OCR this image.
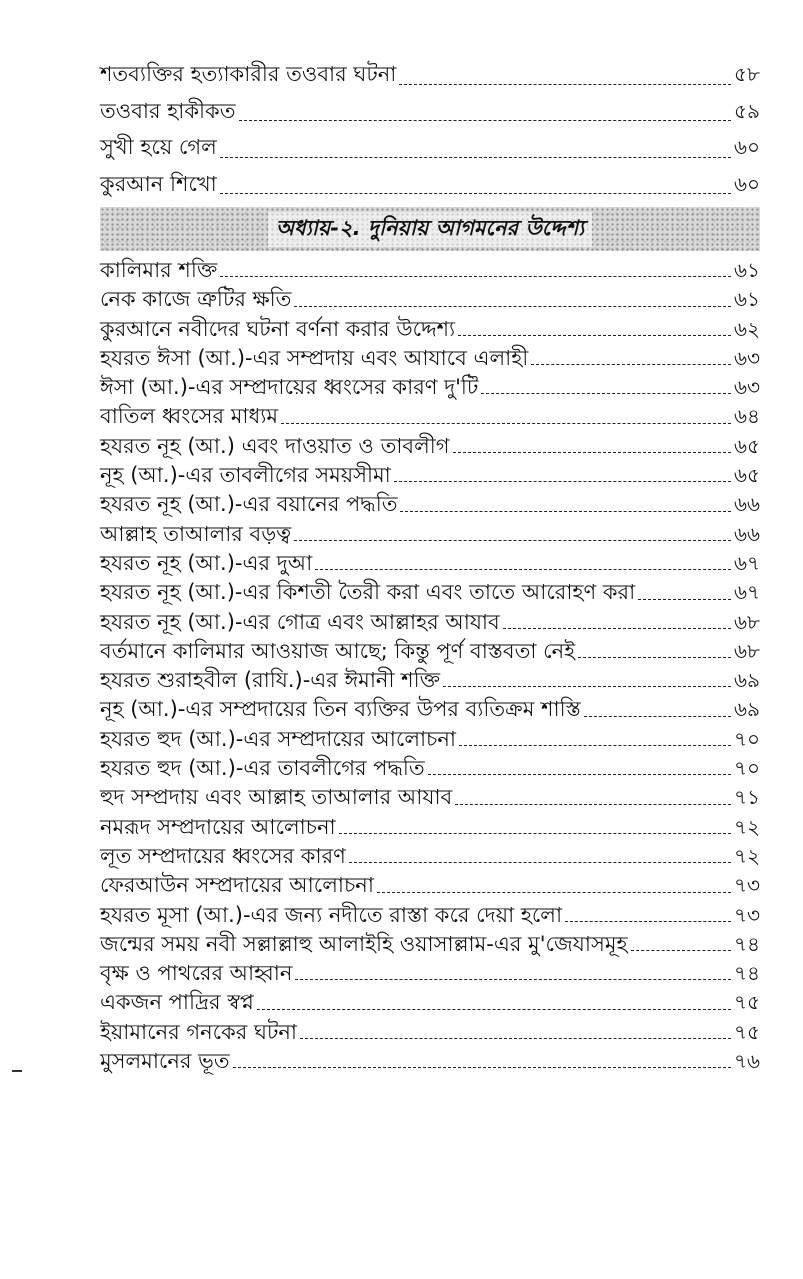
শতব্যক্তির হত্যাকারীর তওবার ঘটনা	৫৮
তওবার হাকীকত	৫৯
সুখী হয়ে গেল	৬০
কুরআন শিখো	৬০
অধ্যায়-২. দুনিয়ায় আগমনের উদ্দেশ্য
কালিমার শক্তি	৬১
নেক কাজে ত্রুটির ক্ষতি	৬১
কুরআনে নবীদের ঘটনা বর্ণনা করার উদ্দেশ্য	৬২
হযরত ঈসা (আ.)-এর সম্প্রদায় এবং আযাবে এলাহী	৬৩
ঈসা (আ.)-এর সম্প্রদায়ের ধ্বংসের কারণ দু'টি	৬৩
বাতিল ধ্বংসের মাধ্যম	৬৪
হযরত নূহ (আ.) এবং দাওয়াত ও তাবলীগ	৬৫
নূহ (আ.)-এর তাবলীগের সময়সীমা	৬৫
হযরত নূহ (আ.)-এর বয়ানের পদ্ধতি	৬৬
আল্লাহ তাআলার বড়ত্ব	৬৬
হযরত নূহ (আ.)-এর দুআ	৬৭
হযরত নূহ (আ.)-এর কিশতী তৈরী করা এবং তাতে আরোহণ করা	৬৭
হযরত নূহ (আ.)-এর গোত্র এবং আল্লাহর আযাব	৬৮
বর্তমানে কালিমার আওয়াজ আছে; কিন্তু পূর্ণ বাস্তবতা নেই	৬৮
হযরত শুরাহবীল (রাযি.)-এর ঈমানী শক্তি	৬৯
নূহ (আ.)-এর সম্প্রদায়ের তিন ব্যক্তির উপর ব্যতিক্রম শাস্তি	৬৯
হযরত হুদ (আ.)-এর সম্প্রদায়ের আলোচনা	৭০
হযরত হুদ (আ.)-এর তাবলীগের পদ্ধতি	৭০
হুদ সম্প্রদায় এবং আল্লাহ তাআলার আযাব	৭১
নমরূদ সম্প্রদায়ের আলোচনা	৭২
লূত সম্প্রদায়ের ধ্বংসের কারণ	৭২
ফেরআউন সম্প্রদায়ের আলোচনা	৭৩
হযরত মূসা (আ.)-এর জন্য নদীতে রাস্তা করে দেয়া হলো	৭৩
জন্মের সময় নবী সল্লাল্লাহু আলাইহি ওয়াসাল্লাম-এর মু'জেযাসমূহ	৭৪
বৃক্ষ ও পাথরের আহ্বান	৭৪
একজন পাদ্রির স্বপ্ন	৭৫
ইয়ামানের গনকের ঘটনা	৭৫
মুসলমানের ভূত	৭৬
